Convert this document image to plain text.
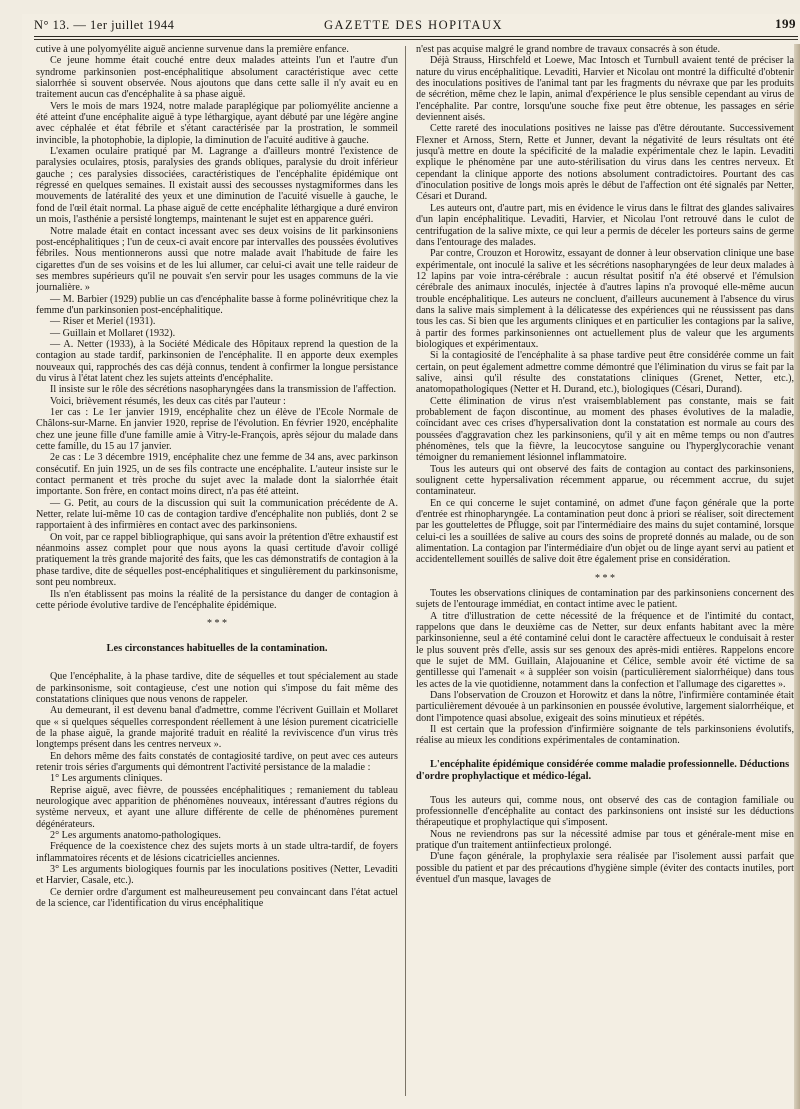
N° 13. — 1er juillet 1944	GAZETTE DES HOPITAUX	199

cutive à une polyomyélite aiguë ancienne survenue dans la première enfance.

Ce jeune homme était couché entre deux malades atteints l'un et l'autre d'un syndrome parkinsonien post-encéphalitique absolument caractéristique avec cette sialorrhée si souvent observée. Nous ajoutons que dans cette salle il n'y avait eu en traitement aucun cas d'encéphalite à sa phase aiguë.

Vers le mois de mars 1924, notre malade paraplégique par poliomyélite ancienne a été atteint d'une encéphalite aiguë à type léthargique, ayant débuté par une légère angine avec céphalée et état fébrile et s'étant caractérisée par la prostration, le sommeil invincible, la photophobie, la diplopie, la diminution de l'acuité auditive à gauche.

L'examen oculaire pratiqué par M. Lagrange a d'ailleurs montré l'existence de paralysies oculaires, ptosis, paralysies des grands obliques, paralysie du droit inférieur gauche ; ces paralysies dissociées, caractéristiques de l'encéphalite épidémique ont régressé en quelques semaines. Il existait aussi des secousses nystagmiformes dans les mouvements de latéralité des yeux et une diminution de l'acuité visuelle à gauche, le fond de l'œil était normal. La phase aiguë de cette encéphalite léthargique a duré environ un mois, l'asthénie a persisté longtemps, maintenant le sujet est en apparence guéri.

Notre malade était en contact incessant avec ses deux voisins de lit parkinsoniens post-encéphalitiques ; l'un de ceux-ci avait encore par intervalles des poussées évolutives fébriles. Nous mentionnerons aussi que notre malade avait l'habitude de faire les cigarettes d'un de ses voisins et de les lui allumer, car celui-ci avait une telle raideur de ses membres supérieurs qu'il ne pouvait s'en servir pour les usages communs de la vie journalière. »

— M. Barbier (1929) publie un cas d'encéphalite basse à forme polinévritique chez la femme d'un parkinsonien post-encéphalitique.

— Riser et Meriel (1931).

— Guillain et Mollaret (1932).

— A. Netter (1933), à la Société Médicale des Hôpitaux reprend la question de la contagion au stade tardif, parkinsonien de l'encéphalite. Il en apporte deux exemples nouveaux qui, rapprochés des cas déjà connus, tendent à confirmer la longue persistance du virus à l'état latent chez les sujets atteints d'encéphalite.

Il insiste sur le rôle des sécrétions nasopharyngées dans la transmission de l'affection.

Voici, brièvement résumés, les deux cas cités par l'auteur :

1er cas : Le 1er janvier 1919, encéphalite chez un élève de l'Ecole Normale de Châlons-sur-Marne. En janvier 1920, reprise de l'évolution. En février 1920, encéphalite chez une jeune fille d'une famille amie à Vitry-le-François, après séjour du malade dans cette famille, du 15 au 17 janvier.

2e cas : Le 3 décembre 1919, encéphalite chez une femme de 34 ans, avec parkinson consécutif. En juin 1925, un de ses fils contracte une encéphalite. L'auteur insiste sur le contact permanent et très proche du sujet avec la malade dont la sialorrhée était importante. Son frère, en contact moins direct, n'a pas été atteint.

— G. Petit, au cours de la discussion qui suit la communication précédente de A. Netter, relate lui-même 10 cas de contagion tardive d'encéphalite non publiés, dont 2 se rapportaient à des infirmières en contact avec des parkinsoniens.

On voit, par ce rappel bibliographique, qui sans avoir la prétention d'être exhaustif est néanmoins assez complet pour que nous ayons la quasi certitude d'avoir colligé pratiquement la très grande majorité des faits, que les cas démonstratifs de contagion à la phase tardive, dite de séquelles post-encéphalitiques et singulièrement du parkinsonisme, sont peu nombreux.

Ils n'en établissent pas moins la réalité de la persistance du danger de contagion à cette période évolutive tardive de l'encéphalite épidémique.

* * *
Les circonstances habituelles de la contamination.

Que l'encéphalite, à la phase tardive, dite de séquelles et tout spécialement au stade de parkinsonisme, soit contagieuse, c'est une notion qui s'impose du fait même des constatations cliniques que nous venons de rappeler.

Au demeurant, il est devenu banal d'admettre, comme l'écrivent Guillain et Mollaret que « si quelques séquelles correspondent réellement à une lésion purement cicatricielle de la phase aiguë, la grande majorité traduit en réalité la reviviscence d'un virus très longtemps présent dans les centres nerveux ».

En dehors même des faits constatés de contagiosité tardive, on peut avec ces auteurs retenir trois séries d'arguments qui démontrent l'activité persistance de la maladie :

1° Les arguments cliniques.

Reprise aiguë, avec fièvre, de poussées encéphalitiques ; remaniement du tableau neurologique avec apparition de phénomènes nouveaux, intéressant d'autres régions du système nerveux, et ayant une allure différente de celle de phénomènes purement dégénérateurs.

2° Les arguments anatomo-pathologiques.

Fréquence de la coexistence chez des sujets morts à un stade ultra-tardif, de foyers inflammatoires récents et de lésions cicatricielles anciennes.

3° Les arguments biologiques fournis par les inoculations positives (Netter, Levaditi et Harvier, Casale, etc.).

Ce dernier ordre d'argument est malheureusement peu convaincant dans l'état actuel de la science, car l'identification du virus encéphalitique

n'est pas acquise malgré le grand nombre de travaux consacrés à son étude.

Déjà Strauss, Hirschfeld et Loewe, Mac Intosch et Turnbull avaient tenté de préciser la nature du virus encéphalitique. Levaditi, Harvier et Nicolau ont montré la difficulté d'obtenir des inoculations positives de l'animal tant par les fragments du névraxe que par les produits de sécrétion, même chez le lapin, animal d'expérience le plus sensible cependant au virus de l'encéphalite. Par contre, lorsqu'une souche fixe peut être obtenue, les passages en série deviennent aisés.

Cette rareté des inoculations positives ne laisse pas d'être déroutante. Successivement Flexner et Arnoss, Stern, Rette et Junner, devant la négativité de leurs résultats ont été jusqu'à mettre en doute la spécificité de la maladie expérimentale chez le lapin. Levaditi explique le phénomène par une auto-stérilisation du virus dans les centres nerveux. Et cependant la clinique apporte des notions absolument contradictoires. Pourtant des cas d'inoculation positive de longs mois après le début de l'affection ont été signalés par Netter, Césari et Durand.

Les auteurs ont, d'autre part, mis en évidence le virus dans le filtrat des glandes salivaires d'un lapin encéphalitique. Levaditi, Harvier, et Nicolau l'ont retrouvé dans le culot de centrifugation de la salive mixte, ce qui leur a permis de déceler les porteurs sains de germe dans l'entourage des malades.

Par contre, Crouzon et Horowitz, essayant de donner à leur observation clinique une base expérimentale, ont inoculé la salive et les sécrétions nasopharyngées de leur deux malades à 12 lapins par voie intra-cérébrale : aucun résultat positif n'a été observé et l'émulsion cérébrale des animaux inoculés, injectée à d'autres lapins n'a provoqué elle-même aucun trouble encéphalitique. Les auteurs ne concluent, d'ailleurs aucunement à l'absence du virus dans la salive mais simplement à la délicatesse des expériences qui ne réussissent pas dans tous les cas. Si bien que les arguments cliniques et en particulier les contagions par la salive, à partir des formes parkinsoniennes ont actuellement plus de valeur que les arguments biologiques et expérimentaux.

Si la contagiosité de l'encéphalite à sa phase tardive peut être considérée comme un fait certain, on peut également admettre comme démontré que l'élimination du virus se fait par la salive, ainsi qu'il résulte des constatations cliniques (Grenet, Netter, etc.), anatomopathologiques (Netter et H. Durand, etc.), biologiques (Césari, Durand).

Cette élimination de virus n'est vraisemblablement pas constante, mais se fait probablement de façon discontinue, au moment des phases évolutives de la maladie, coïncidant avec ces crises d'hypersalivation dont la constatation est normale au cours des poussées d'aggravation chez les parkinsoniens, qu'il y ait en même temps ou non d'autres phénomènes, tels que la fièvre, la leucocytose sanguine ou l'hyperglycorachie venant témoigner du remaniement lésionnel inflammatoire.

Tous les auteurs qui ont observé des faits de contagion au contact des parkinsoniens, soulignent cette hypersalivation récemment apparue, ou récemment accrue, du sujet contaminateur.

En ce qui concerne le sujet contaminé, on admet d'une façon générale que la porte d'entrée est rhinopharyngée. La contamination peut donc à priori se réaliser, soit directement par les gouttelettes de Pflugge, soit par l'intermédiaire des mains du sujet contaminé, lorsque celui-ci les a souillées de salive au cours des soins de propreté donnés au malade, ou de son alimentation. La contagion par l'intermédiaire d'un objet ou de linge ayant servi au patient et accidentellement souillés de salive doit être également prise en considération.

* * *

Toutes les observations cliniques de contamination par des parkinsoniens concernent des sujets de l'entourage immédiat, en contact intime avec le patient.

A titre d'illustration de cette nécessité de la fréquence et de l'intimité du contact, rappelons que dans le deuxième cas de Netter, sur deux enfants habitant avec la mère parkinsonienne, seul a été contaminé celui dont le caractère affectueux le conduisait à rester le plus souvent près d'elle, assis sur ses genoux des après-midi entières. Rappelons encore que le sujet de MM. Guillain, Alajouanine et Célice, semble avoir été victime de sa gentillesse qui l'amenait « à suppléer son voisin (particulièrement sialorrhéique) dans tous les actes de la vie quotidienne, notamment dans la confection et l'allumage des cigarettes ».

Dans l'observation de Crouzon et Horowitz et dans la nôtre, l'infirmière contaminée était particulièrement dévouée à un parkinsonien en poussée évolutive, largement sialorrhéique, et dont l'impotence quasi absolue, exigeait des soins minutieux et répétés.

Il est certain que la profession d'infirmière soignante de tels parkinsoniens évolutifs, réalise au mieux les conditions expérimentales de contamination.

L'encéphalite épidémique considérée comme maladie professionnelle. Déductions d'ordre prophylactique et médico-légal.

Tous les auteurs qui, comme nous, ont observé des cas de contagion familiale ou professionnelle d'encéphalite au contact des parkinsoniens ont insisté sur les déductions thérapeutique et prophylactique qui s'imposent.

Nous ne reviendrons pas sur la nécessité admise par tous et générale-ment mise en pratique d'un traitement antiinfectieux prolongé.

D'une façon générale, la prophylaxie sera réalisée par l'isolement aussi parfait que possible du patient et par des précautions d'hygiène simple (éviter des contacts inutiles, port éventuel d'un masque, lavages de
